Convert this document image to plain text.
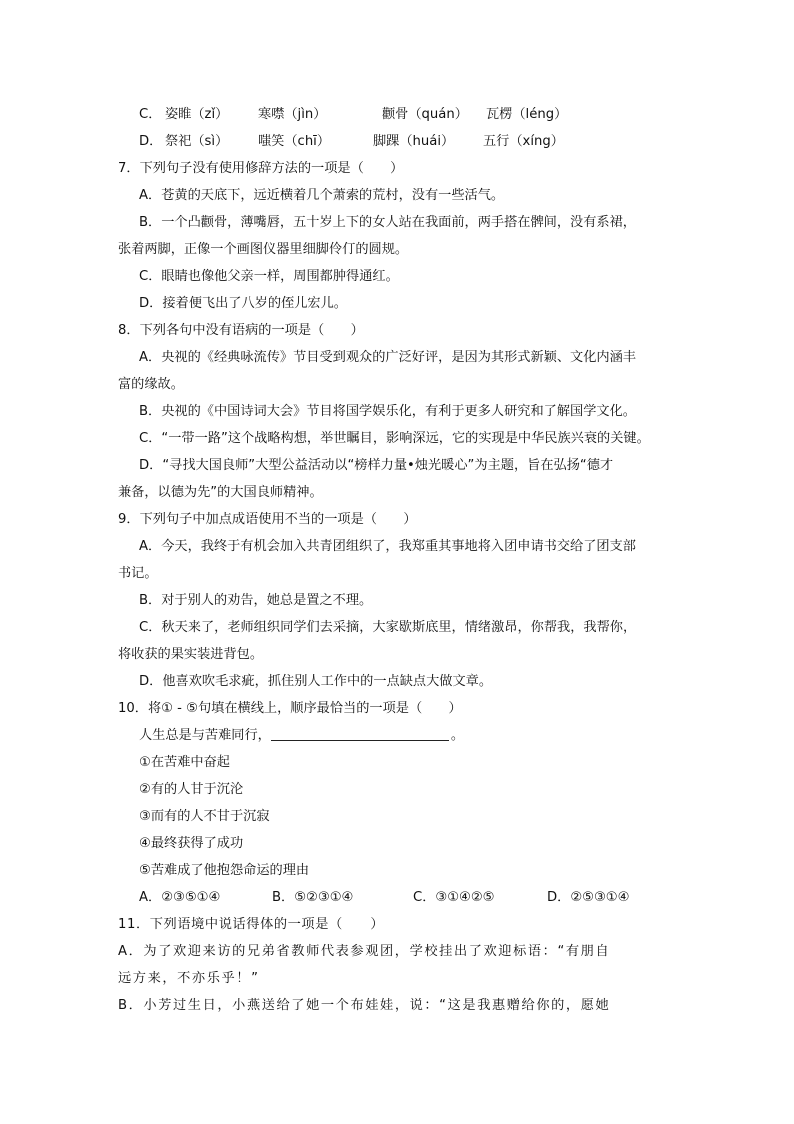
C． 姿睢（zǐ） 寒噤（jìn）	颧骨（quán） 瓦楞（léng）
D． 祭祀（sì） 嗤笑（chī）	脚踝（huái） 五行（xíng）
7．下列句子没有使用修辞方法的一项是（　　）
A．苍黄的天底下，远近横着几个萧索的荒村，没有一些活气。
B．一个凸颧骨，薄嘴唇，五十岁上下的女人站在我面前，两手搭在髀间，没有系裙，
张着两脚，正像一个画图仪器里细脚伶仃的圆规。
C．眼睛也像他父亲一样，周围都肿得通红。
D．接着便飞出了八岁的侄儿宏儿。
8．下列各句中没有语病的一项是（　　）
A．央视的《经典咏流传》节目受到观众的广泛好评，是因为其形式新颖、文化内涵丰
富的缘故。
B．央视的《中国诗词大会》节目将国学娱乐化，有利于更多人研究和了解国学文化。
C．“一带一路”这个战略构想，举世瞩目，影响深远，它的实现是中华民族兴衰的关键。
D．“寻找大国良师”大型公益活动以“榜样力量•烛光暖心”为主题，旨在弘扬“德才
兼备，以德为先”的大国良师精神。
9．下列句子中加点成语使用不当的一项是（　　）
A．今天，我终于有机会加入共青团组织了，我郑重其事地将入团申请书交给了团支部
书记。
B．对于别人的劝告，她总是置之不理。
C．秋天来了，老师组织同学们去采摘，大家歇斯底里，情绪激昂，你帮我，我帮你，
将收获的果实装进背包。
D．他喜欢吹毛求疵，抓住别人工作中的一点缺点大做文章。
10．将① - ⑤句填在横线上，顺序最恰当的一项是（　　）
人生总是与苦难同行，	。
①在苦难中奋起
②有的人甘于沉沦
③而有的人不甘于沉寂
④最终获得了成功
⑤苦难成了他抱怨命运的理由
A．②③⑤①④	B．⑤②③①④	C．③①④②⑤	D．②⑤③①④
11．下列语境中说话得体的一项是（　　）
A．为了欢迎来访的兄弟省教师代表参观团，学校挂出了欢迎标语：“有朋自
远方来，不亦乐乎！”
B．小芳过生日，小燕送给了她一个布娃娃，说：“这是我惠赠给你的，愿她
